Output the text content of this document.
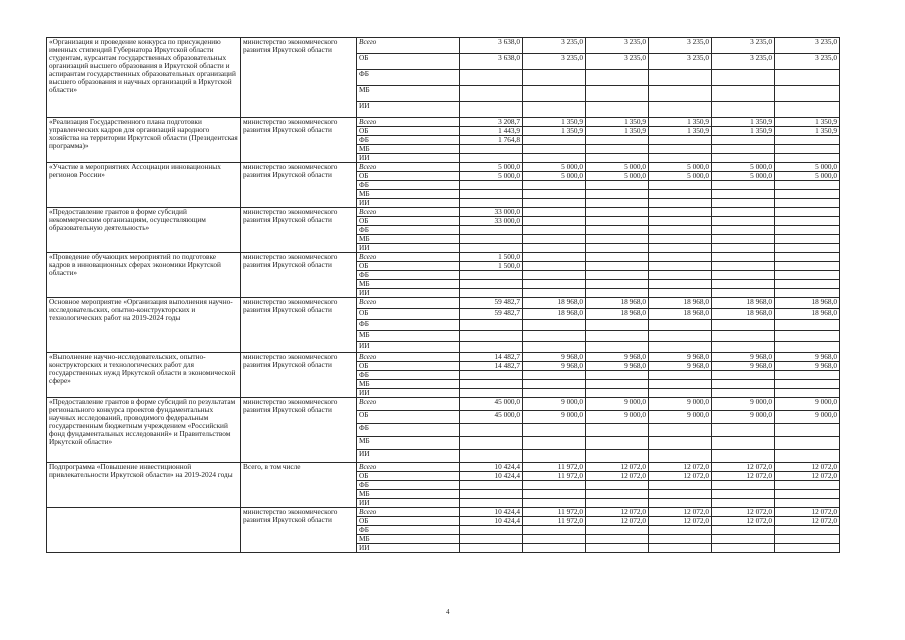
«Организация и проведение конкурса по присуждению именных стипендий Губернатора Иркутской области студентам, курсантам государственных образовательных организаций высшего образования в Иркутской области и аспирантам государственных образовательных организаций высшего образования и научных организаций в Иркутской области»	министерство экономического развития Иркутской области	Всего	3 638,0	3 235,0	3 235,0	3 235,0	3 235,0	3 235,0
		ОБ	3 638,0	3 235,0	3 235,0	3 235,0	3 235,0	3 235,0
		ФБ						
		МБ						
		ИИ						
«Реализация Государственного плана подготовки управленческих кадров для организаций народного хозяйства на территории Иркутской области (Президентская программа)»	министерство экономического развития Иркутской области	Всего	3 208,7	1 350,9	1 350,9	1 350,9	1 350,9	1 350,9
		ОБ	1 443,9	1 350,9	1 350,9	1 350,9	1 350,9	1 350,9
		ФБ	1 764,8					
		МБ						
		ИИ						
«Участие в мероприятиях Ассоциации инновационных регионов России»	министерство экономического развития Иркутской области	Всего	5 000,0	5 000,0	5 000,0	5 000,0	5 000,0	5 000,0
		ОБ	5 000,0	5 000,0	5 000,0	5 000,0	5 000,0	5 000,0
		ФБ						
		МБ						
		ИИ						
«Предоставление грантов в форме субсидий некоммерческим организациям, осуществляющим образовательную деятельность»	министерство экономического развития Иркутской области	Всего	33 000,0					
		ОБ	33 000,0					
		ФБ						
		МБ						
		ИИ						
«Проведение обучающих мероприятий по подготовке кадров в инновационных сферах экономики Иркутской области»	министерство экономического развития Иркутской области	Всего	1 500,0					
		ОБ	1 500,0					
		ФБ						
		МБ						
		ИИ						
Основное мероприятие «Организация выполнения научно-исследовательских, опытно-конструкторских и технологических работ на 2019-2024 годы	министерство экономического развития Иркутской области	Всего	59 482,7	18 968,0	18 968,0	18 968,0	18 968,0	18 968,0
		ОБ	59 482,7	18 968,0	18 968,0	18 968,0	18 968,0	18 968,0
		ФБ						
		МБ						
		ИИ						
«Выполнение научно-исследовательских, опытно-конструкторских и технологических работ для государственных нужд Иркутской области в экономической сфере»	министерство экономического развития Иркутской области	Всего	14 482,7	9 968,0	9 968,0	9 968,0	9 968,0	9 968,0
		ОБ	14 482,7	9 968,0	9 968,0	9 968,0	9 968,0	9 968,0
		ФБ						
		МБ						
		ИИ						
«Предоставление грантов в форме субсидий по результатам регионального конкурса проектов фундаментальных научных исследований, проводимого федеральным государственным бюджетным учреждением «Российский фонд фундаментальных исследований» и Правительством Иркутской области»	министерство экономического развития Иркутской области	Всего	45 000,0	9 000,0	9 000,0	9 000,0	9 000,0	9 000,0
		ОБ	45 000,0	9 000,0	9 000,0	9 000,0	9 000,0	9 000,0
		ФБ						
		МБ						
		ИИ						
Подпрограмма «Повышение инвестиционной привлекательности Иркутской области» на 2019-2024 годы	Всего, в том числе	Всего	10 424,4	11 972,0	12 072,0	12 072,0	12 072,0	12 072,0
		ОБ	10 424,4	11 972,0	12 072,0	12 072,0	12 072,0	12 072,0
		ФБ						
		МБ						
		ИИ						
	министерство экономического развития Иркутской области	Всего	10 424,4	11 972,0	12 072,0	12 072,0	12 072,0	12 072,0
		ОБ	10 424,4	11 972,0	12 072,0	12 072,0	12 072,0	12 072,0
		ФБ						
		МБ						
		ИИ						
4
